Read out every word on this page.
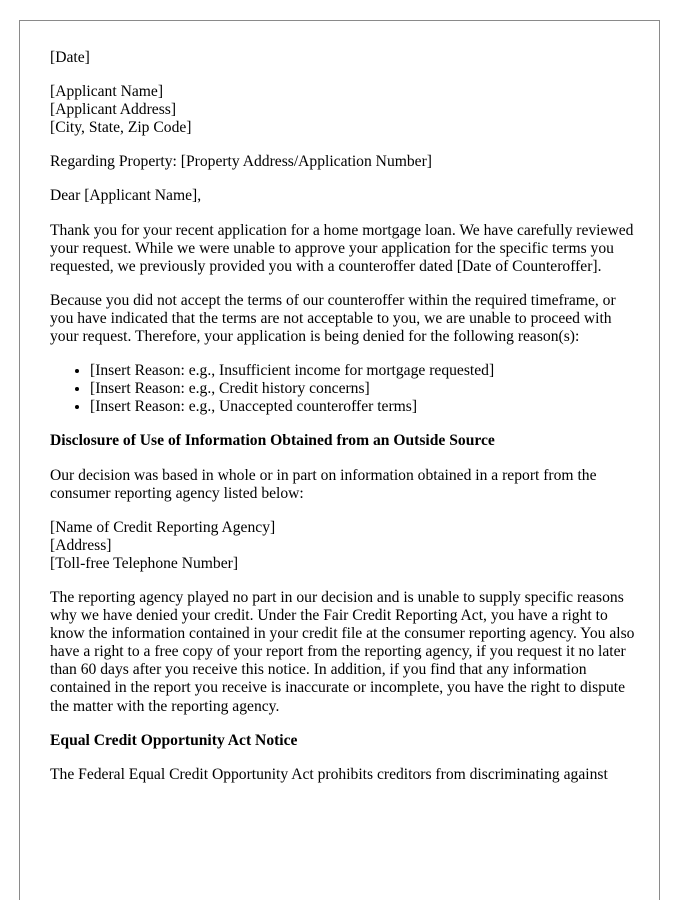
[Date]

[Applicant Name]
[Applicant Address]
[City, State, Zip Code]

Regarding Property: [Property Address/Application Number]

Dear [Applicant Name],

Thank you for your recent application for a home mortgage loan. We have carefully reviewed your request. While we were unable to approve your application for the specific terms you requested, we previously provided you with a counteroffer dated [Date of Counteroffer].

Because you did not accept the terms of our counteroffer within the required timeframe, or you have indicated that the terms are not acceptable to you, we are unable to proceed with your request. Therefore, your application is being denied for the following reason(s):

• [Insert Reason: e.g., Insufficient income for mortgage requested]
• [Insert Reason: e.g., Credit history concerns]
• [Insert Reason: e.g., Unaccepted counteroffer terms]
Disclosure of Use of Information Obtained from an Outside Source

Our decision was based in whole or in part on information obtained in a report from the consumer reporting agency listed below:

[Name of Credit Reporting Agency]
[Address]
[Toll-free Telephone Number]

The reporting agency played no part in our decision and is unable to supply specific reasons why we have denied your credit. Under the Fair Credit Reporting Act, you have a right to know the information contained in your credit file at the consumer reporting agency. You also have a right to a free copy of your report from the reporting agency, if you request it no later than 60 days after you receive this notice. In addition, if you find that any information contained in the report you receive is inaccurate or incomplete, you have the right to dispute the matter with the reporting agency.

Equal Credit Opportunity Act Notice

The Federal Equal Credit Opportunity Act prohibits creditors from discriminating against
